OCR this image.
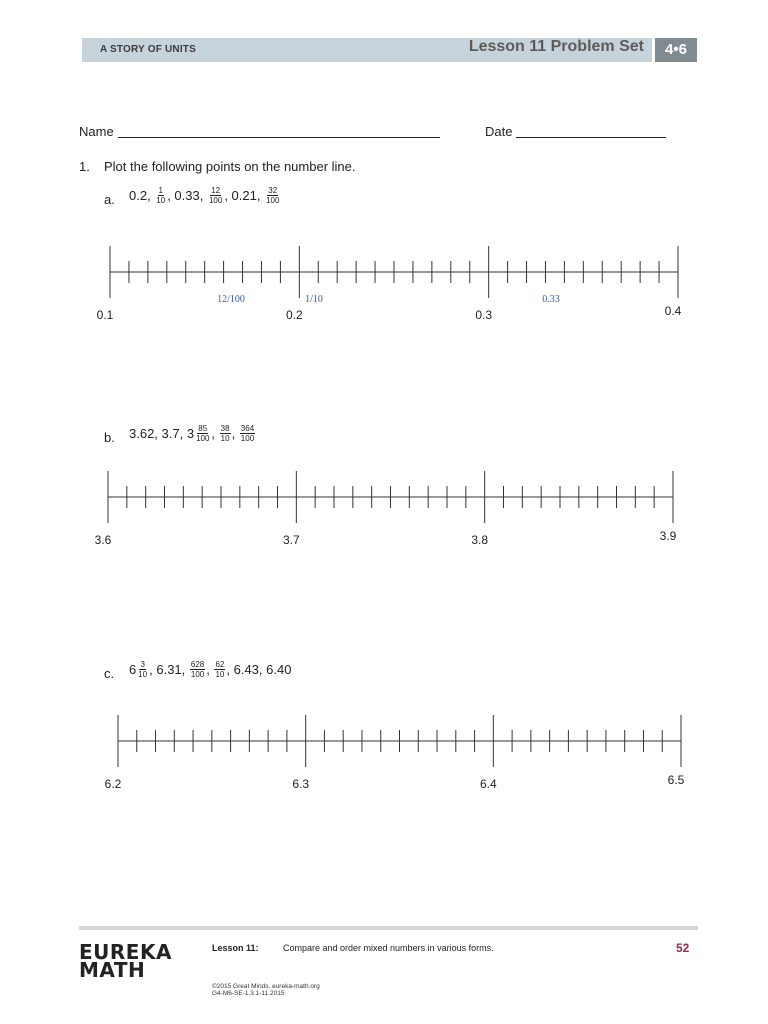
A STORY OF UNITS	Lesson 11 Problem Set	4•6
Name	Date
1. Plot the following points on the number line.
a. 0.2, $\frac{1}{10}$ , 0.33, $\frac{12}{100}$ , 0.21, $\frac{32}{100}$
b. 3.62, 3.7, $3 \frac{85}{100}$ , $\frac{38}{10}$ , $\frac{364}{100}$
c. $6 \frac{3}{10}$ , 6.31, $\frac{628}{100}$ , $\frac{62}{10}$ , 6.43, 6.40
0.1	0.2	0.3	0.4
12/100	1/10	0.33
3.6	3.7	3.8	3.9
6.2	6.3	6.4	6.5
EUREKA
MATH
Lesson 11:	Compare and order mixed numbers in various forms.	52
©2015 Great Minds. eureka-math.org
G4-M6-SE-1.3.1-11.2015
